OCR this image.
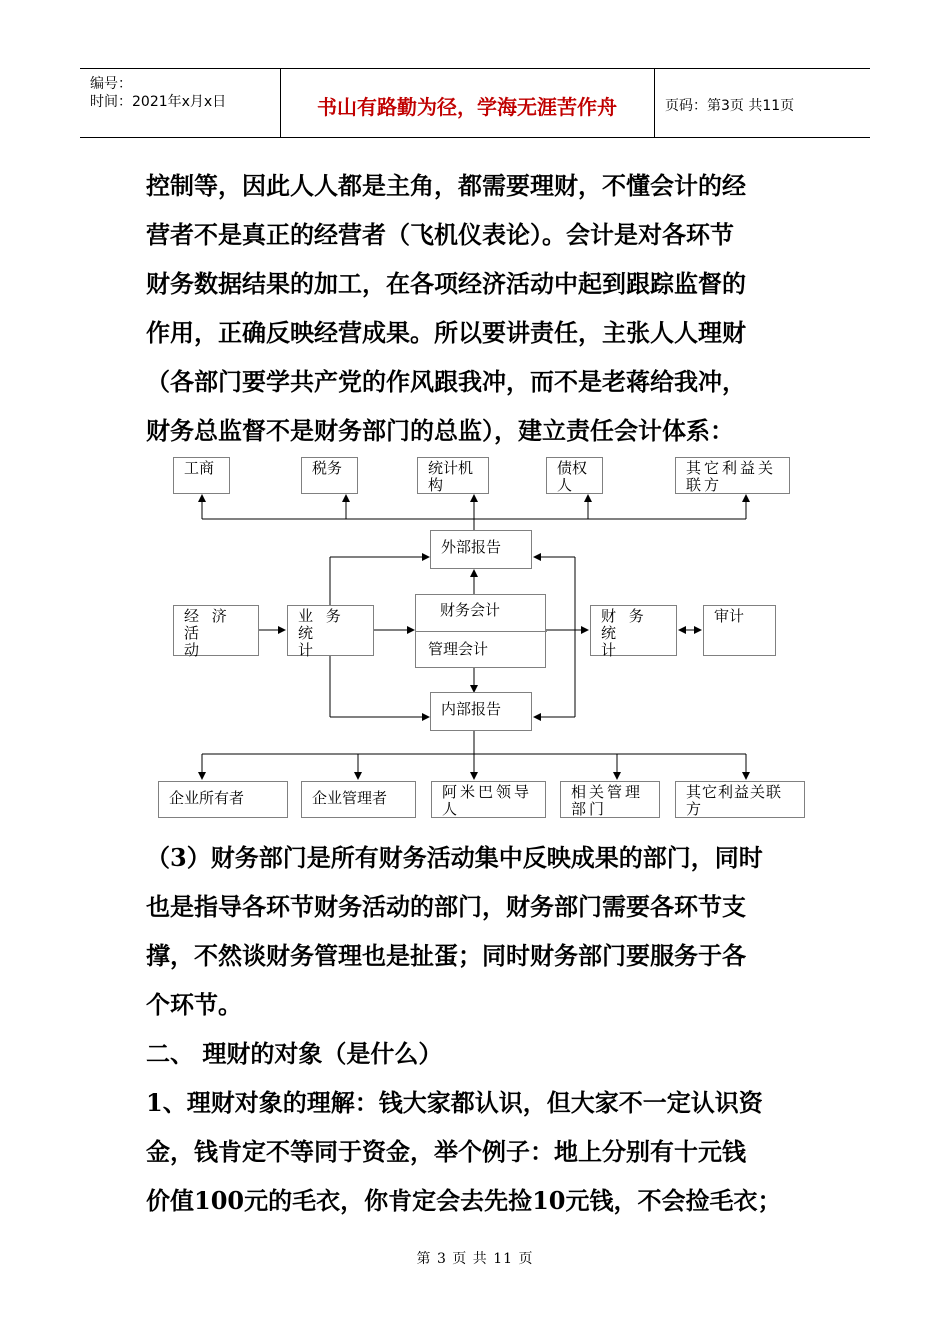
编号：
时间：2021年x月x日	书山有路勤为径，学海无涯苦作舟	页码：第3页 共11页

控制等，因此人人都是主角，都需要理财，不懂会计的经

营者不是真正的经营者（飞机仪表论）。会计是对各环节

财务数据结果的加工，在各项经济活动中起到跟踪监督的

作用，正确反映经营成果。所以要讲责任，主张人人理财

（各部门要学共产党的作风跟我冲，而不是老蒋给我冲，

财务总监督不是财务部门的总监），建立责任会计体系：

工商	税务	统计机
构
债权
人
其它利益关
联方
外部报告
经 济 活
动
业 务 统
计
财务会计
管理会计
财 务 统
计
审计
内部报告
企业所有者	企业管理者	阿米巴领导
人
相关管理
部门
其它利益关联
方

（3）财务部门是所有财务活动集中反映成果的部门，同时

也是指导各环节财务活动的部门，财务部门需要各环节支

撑，不然谈财务管理也是扯蛋；同时财务部门要服务于各

个环节。

二、 理财的对象（是什么）

1、理财对象的理解：钱大家都认识，但大家不一定认识资

金，钱肯定不等同于资金，举个例子：地上分别有十元钱

价值100元的毛衣，你肯定会去先捡10元钱，不会捡毛衣；

第 3 页 共 11 页
